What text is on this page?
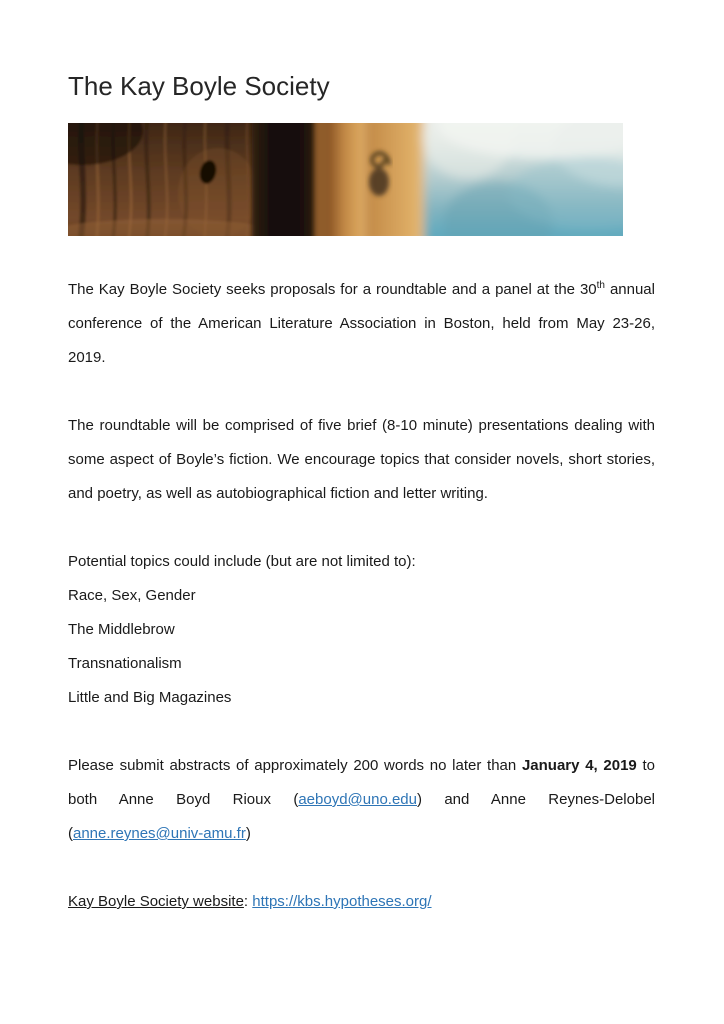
The Kay Boyle Society

The Kay Boyle Society seeks proposals for a roundtable and a panel at the 30th annual conference of the American Literature Association in Boston, held from May 23-26, 2019.

The roundtable will be comprised of five brief (8-10 minute) presentations dealing with some aspect of Boyle’s fiction. We encourage topics that consider novels, short stories, and poetry, as well as autobiographical fiction and letter writing.

Potential topics could include (but are not limited to):
Race, Sex, Gender
The Middlebrow
Transnationalism
Little and Big Magazines

Please submit abstracts of approximately 200 words no later than January 4, 2019 to both Anne Boyd Rioux (aeboyd@uno.edu) and Anne Reynes-Delobel (anne.reynes@univ-amu.fr)

Kay Boyle Society website: https://kbs.hypotheses.org/
